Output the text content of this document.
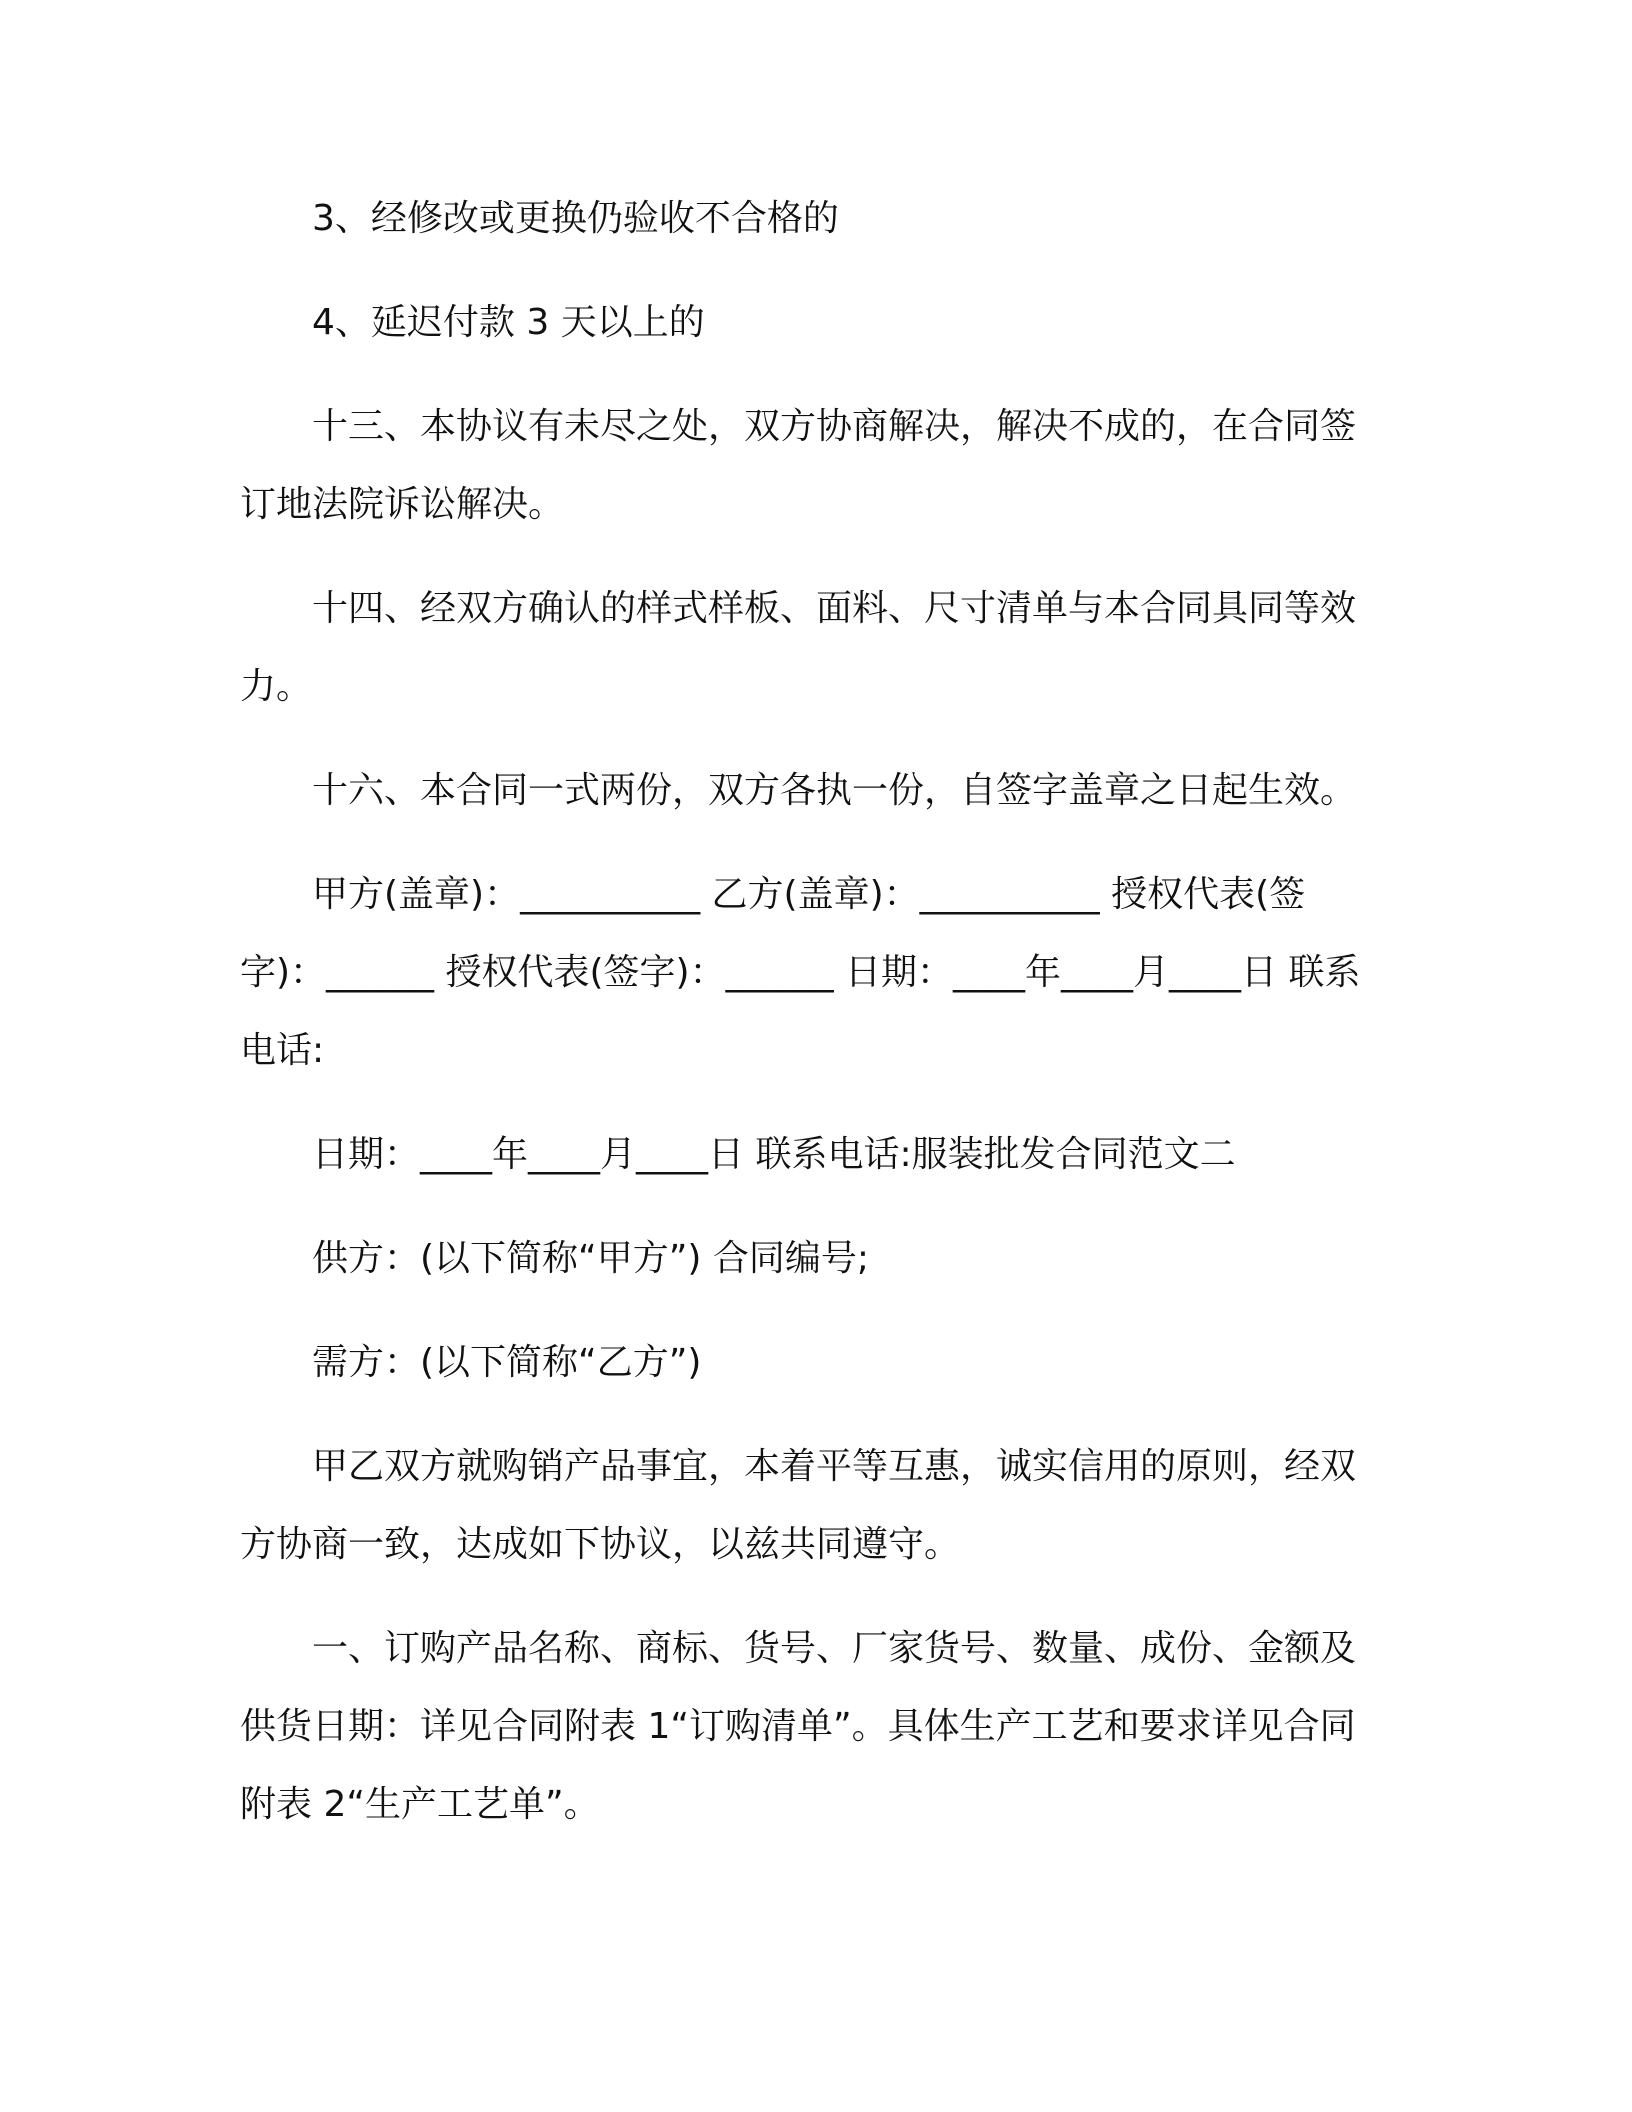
3、经修改或更换仍验收不合格的

4、延迟付款 3 天以上的

十三、本协议有未尽之处，双方协商解决，解决不成的，在合同签订地法院诉讼解决。

十四、经双方确认的样式样板、面料、尺寸清单与本合同具同等效力。

十六、本合同一式两份，双方各执一份，自签字盖章之日起生效。

甲方(盖章)：__________ 乙方(盖章)：__________ 授权代表(签字)：______ 授权代表(签字)：______ 日期：____年____月____日 联系电话:

日期：____年____月____日 联系电话:服装批发合同范文二

供方：(以下简称“甲方”) 合同编号;

需方：(以下简称“乙方”)

甲乙双方就购销产品事宜，本着平等互惠，诚实信用的原则，经双方协商一致，达成如下协议，以兹共同遵守。

一、订购产品名称、商标、货号、厂家货号、数量、成份、金额及供货日期：详见合同附表 1“订购清单”。具体生产工艺和要求详见合同附表 2“生产工艺单”。
